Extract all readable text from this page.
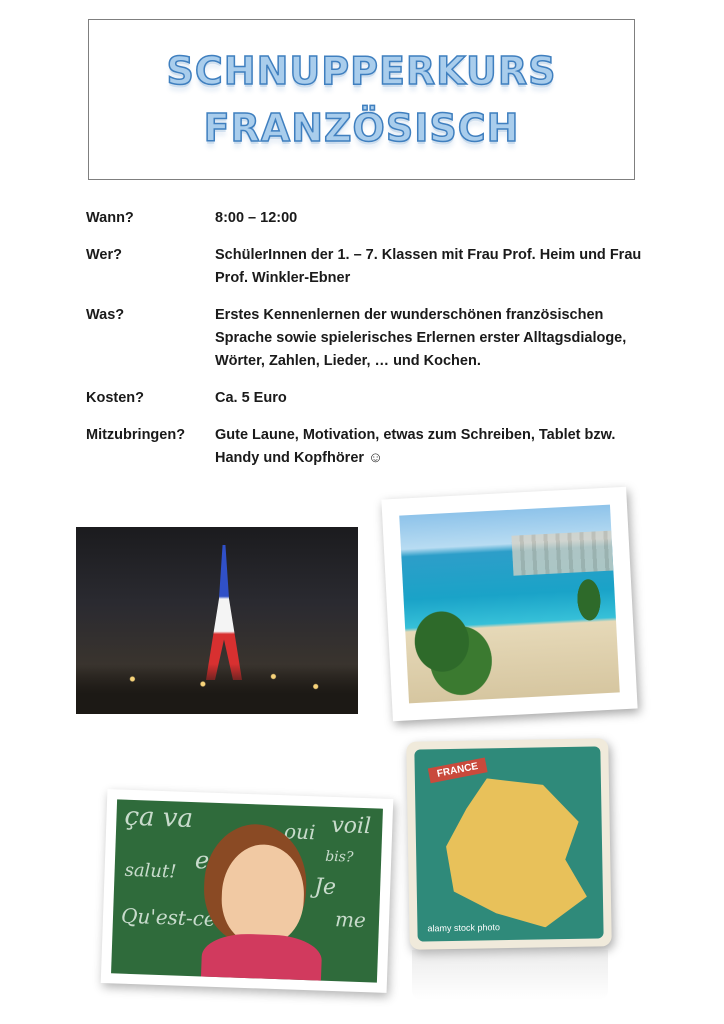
SCHNUPPERKURS
FRANZÖSISCH
Wann?	8:00 – 12:00
Wer?	SchülerInnen der 1. – 7. Klassen mit Frau Prof. Heim und Frau Prof. Winkler-Ebner
Was?	Erstes Kennenlernen der wunderschönen französischen Sprache sowie spielerisches Erlernen erster Alltagsdialoge, Wörter, Zahlen, Lieder, … und Kochen.
Kosten?	Ca. 5 Euro
Mitzubringen?	Gute Laune, Motivation, etwas zum Schreiben, Tablet bzw. Handy und Kopfhörer ☺
ça va	oui voil
salut! en
Je
Qu'est-ce
bis?
me
FRANCE
alamy stock photo
